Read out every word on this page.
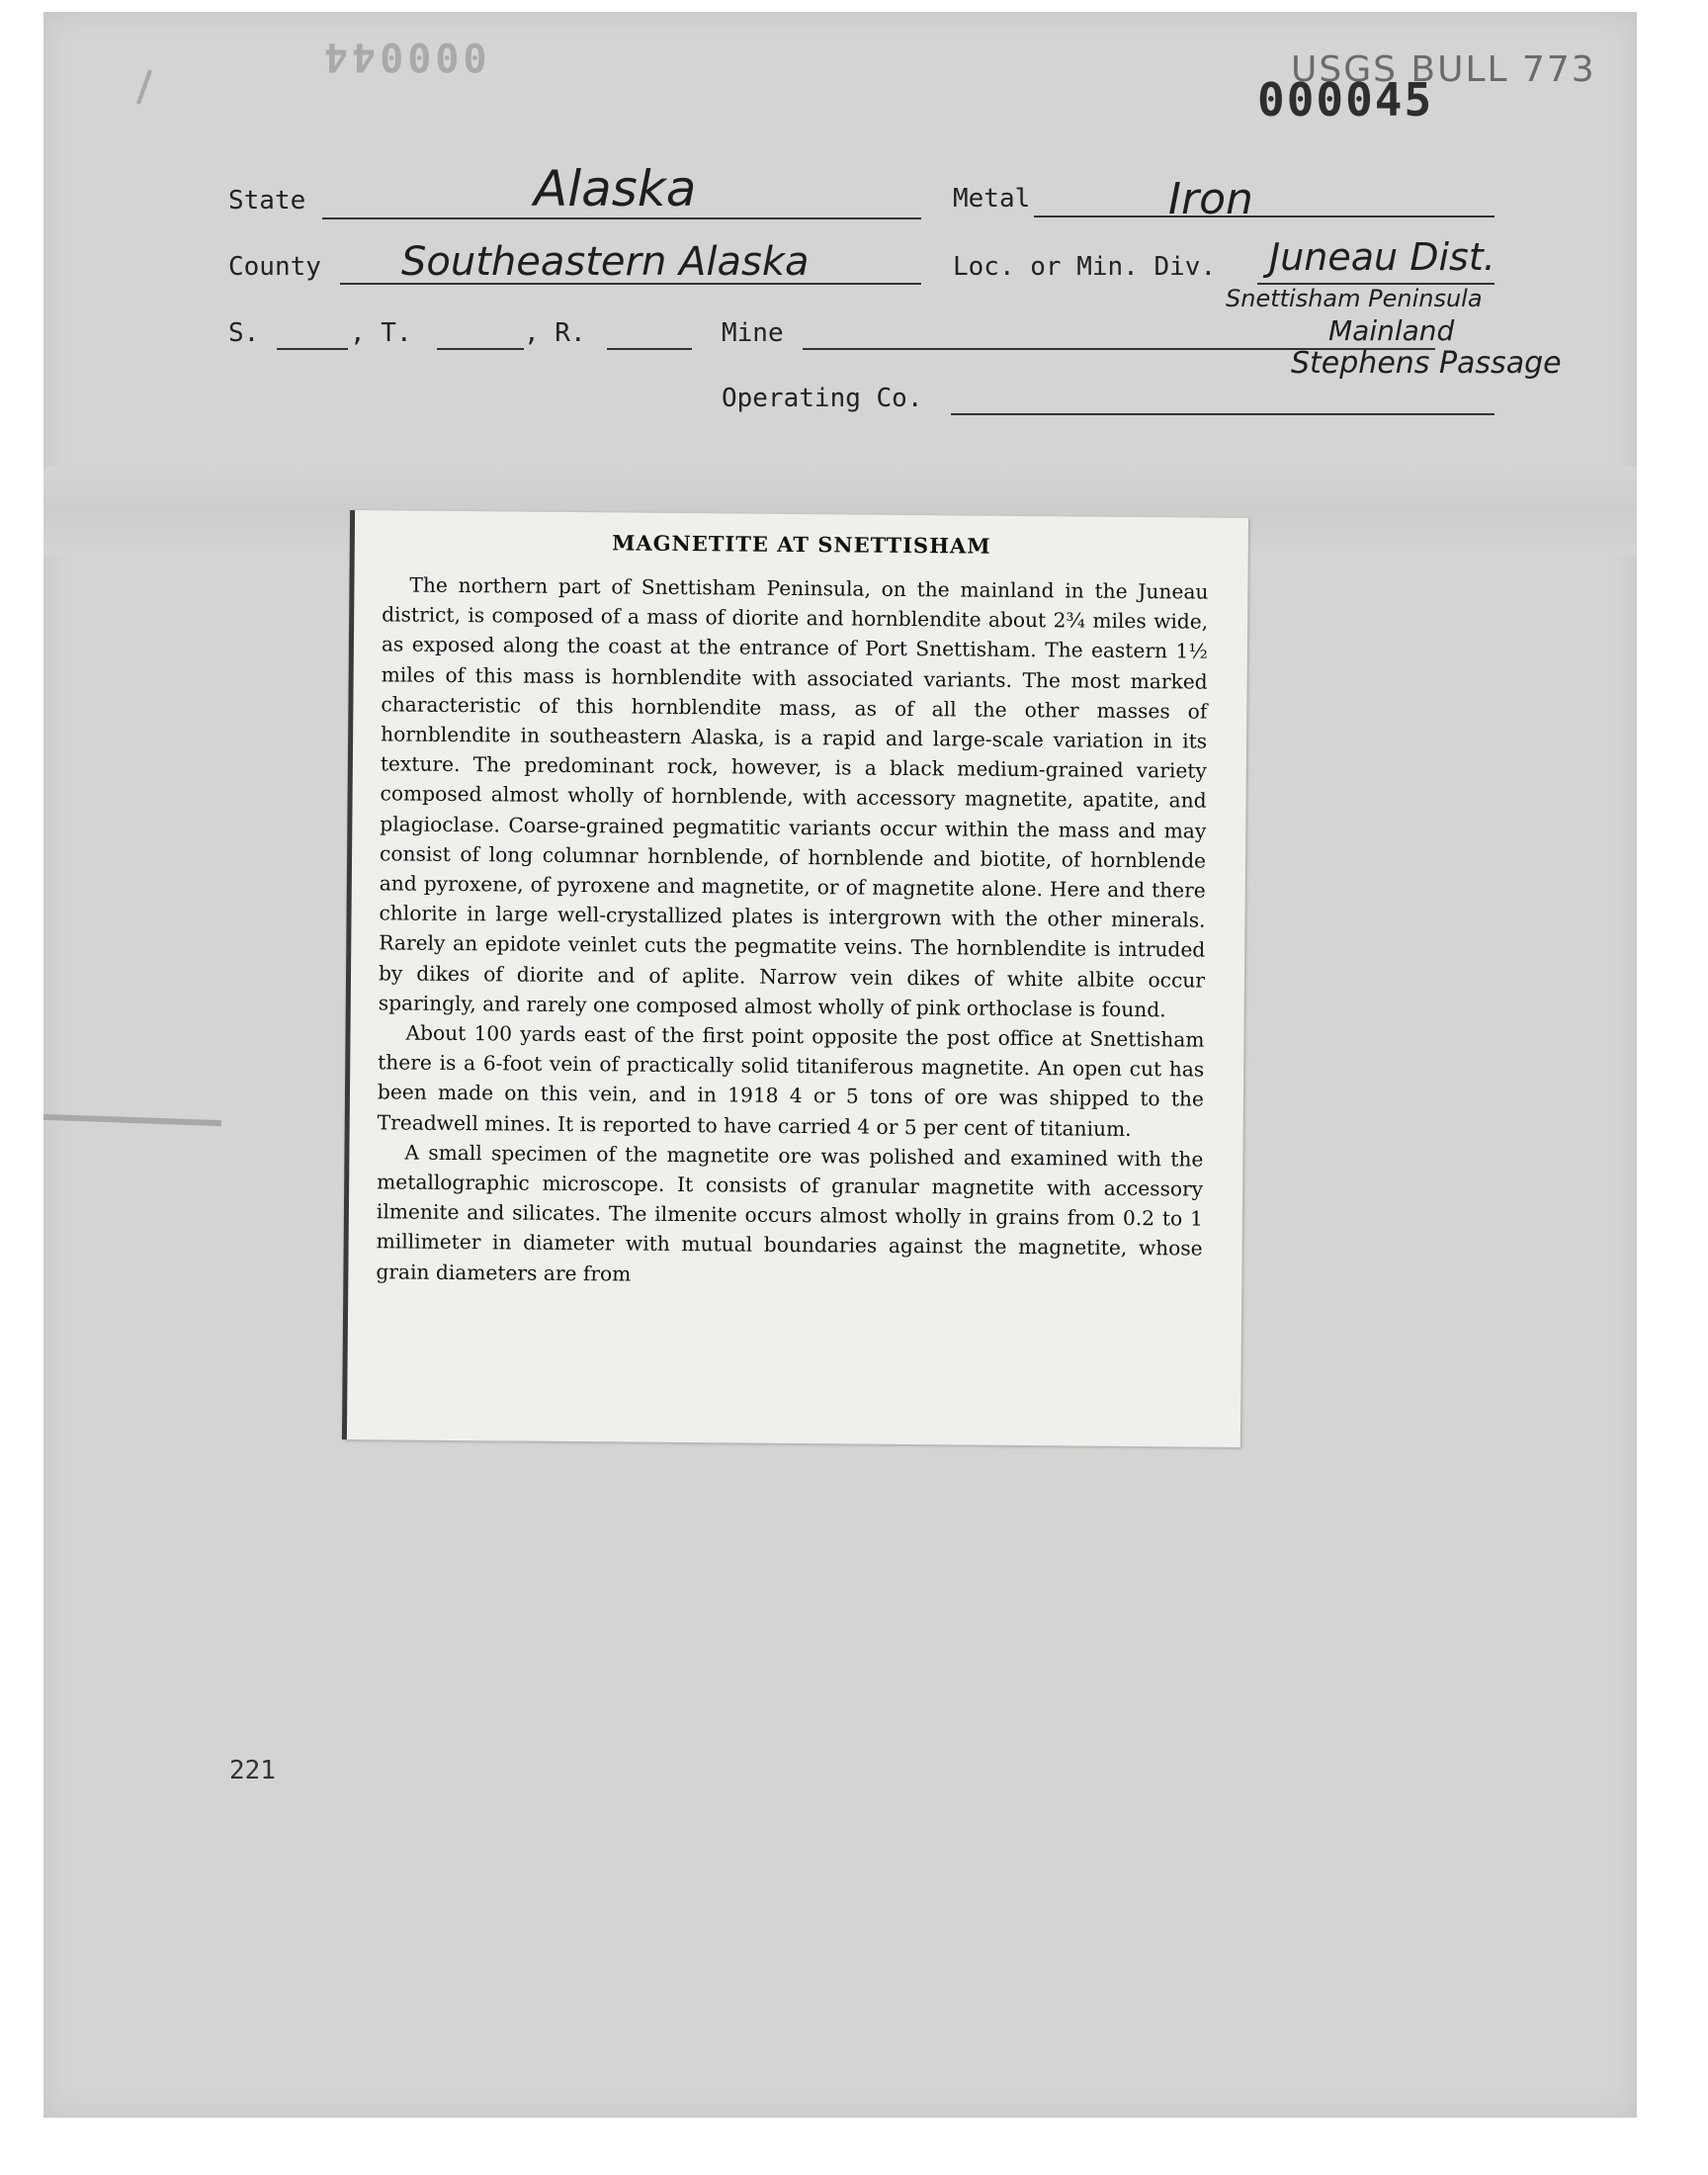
000044	USGS BULL 773
000045
State	Alaska	Metal	Iron
County Southeastern Alaska	Loc. or Min. Div. Juneau Dist.
Snettisham Peninsula
Mainland
Stephens Passage
S.	, T.	, R.	Mine
Operating Co.
221
MAGNETITE AT SNETTISHAM

The northern part of Snettisham Peninsula, on the mainland in the Juneau district, is composed of a mass of diorite and hornblendite about 2¾ miles wide, as exposed along the coast at the entrance of Port Snettisham. The eastern 1½ miles of this mass is hornblendite with associated variants. The most marked characteristic of this hornblendite mass, as of all the other masses of hornblendite in southeastern Alaska, is a rapid and large-scale variation in its texture. The predominant rock, however, is a black medium-grained variety composed almost wholly of hornblende, with accessory magnetite, apatite, and plagioclase. Coarse-grained pegmatitic variants occur within the mass and may consist of long columnar hornblende, of hornblende and biotite, of hornblende and pyroxene, of pyroxene and magnetite, or of magnetite alone. Here and there chlorite in large well-crystallized plates is intergrown with the other minerals. Rarely an epidote veinlet cuts the pegmatite veins. The hornblendite is intruded by dikes of diorite and of aplite. Narrow vein dikes of white albite occur sparingly, and rarely one composed almost wholly of pink orthoclase is found.

About 100 yards east of the first point opposite the post office at Snettisham there is a 6-foot vein of practically solid titaniferous magnetite. An open cut has been made on this vein, and in 1918 4 or 5 tons of ore was shipped to the Treadwell mines. It is reported to have carried 4 or 5 per cent of titanium.

A small specimen of the magnetite ore was polished and examined with the metallographic microscope. It consists of granular magnetite with accessory ilmenite and silicates. The ilmenite occurs almost wholly in grains from 0.2 to 1 millimeter in diameter with mutual boundaries against the magnetite, whose grain diameters are from
